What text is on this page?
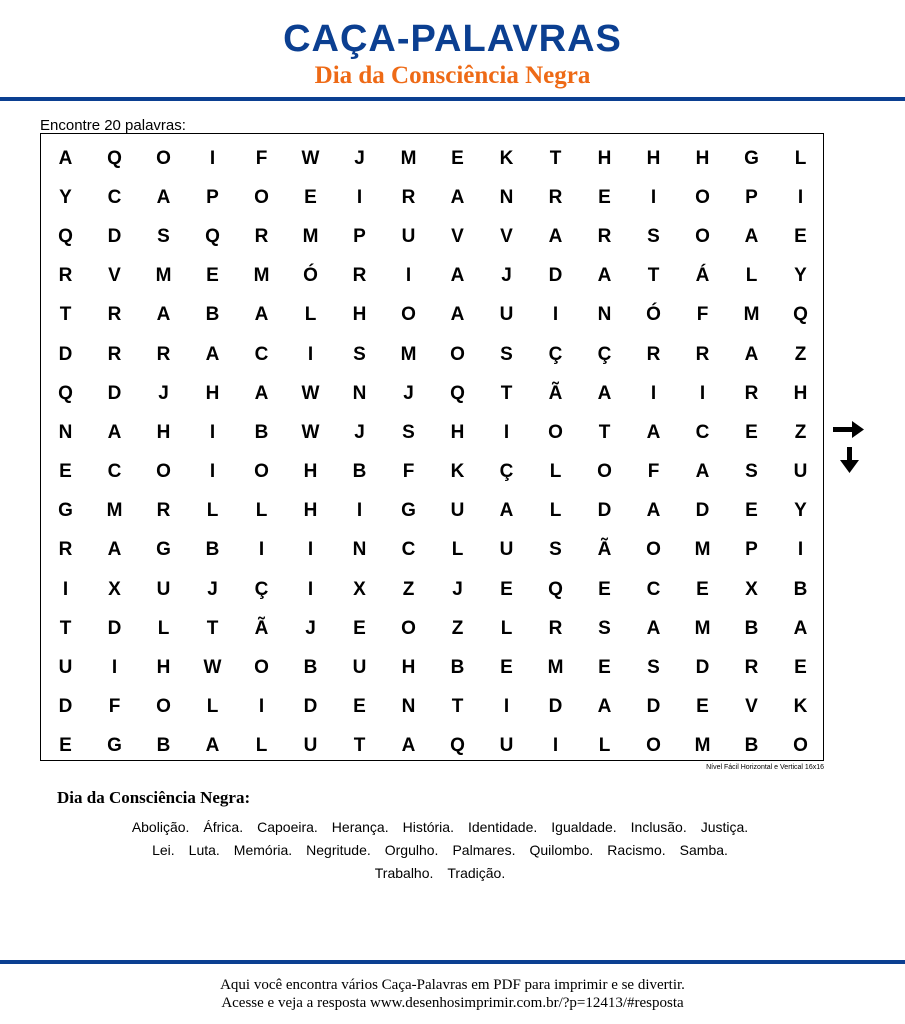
CAÇA-PALAVRAS
Dia da Consciência Negra
Encontre 20 palavras:
A	Q	O	I	F	W	J	M	E	K	T	H	H	H	G	L
Y	C	A	P	O	E	I	R	A	N	R	E	I	O	P	I
Q	D	S	Q	R	M	P	U	V	V	A	R	S	O	A	E
R	V	M	E	M	Ó	R	I	A	J	D	A	T	Á	L	Y
T	R	A	B	A	L	H	O	A	U	I	N	Ó	F	M	Q
D	R	R	A	C	I	S	M	O	S	Ç	Ç	R	R	A	Z
Q	D	J	H	A	W	N	J	Q	T	Ã	A	I	I	R	H
N	A	H	I	B	W	J	S	H	I	O	T	A	C	E	Z
E	C	O	I	O	H	B	F	K	Ç	L	O	F	A	S	U
G	M	R	L	L	H	I	G	U	A	L	D	A	D	E	Y
R	A	G	B	I	I	N	C	L	U	S	Ã	O	M	P	I
I	X	U	J	Ç	I	X	Z	J	E	Q	E	C	E	X	B
T	D	L	T	Ã	J	E	O	Z	L	R	S	A	M	B	A
U	I	H	W	O	B	U	H	B	E	M	E	S	D	R	E
D	F	O	L	I	D	E	N	T	I	D	A	D	E	V	K
E	G	B	A	L	U	T	A	Q	U	I	L	O	M	B	O
Nível Fácil Horizontal e Vertical 16x16
Dia da Consciência Negra:
Abolição. África. Capoeira. Herança. História. Identidade. Igualdade. Inclusão. Justiça.
Lei. Luta. Memória. Negritude. Orgulho. Palmares. Quilombo. Racismo. Samba.
Trabalho. Tradição.
Aqui você encontra vários Caça-Palavras em PDF para imprimir e se divertir.
Acesse e veja a resposta www.desenhosimprimir.com.br/?p=12413/#resposta
